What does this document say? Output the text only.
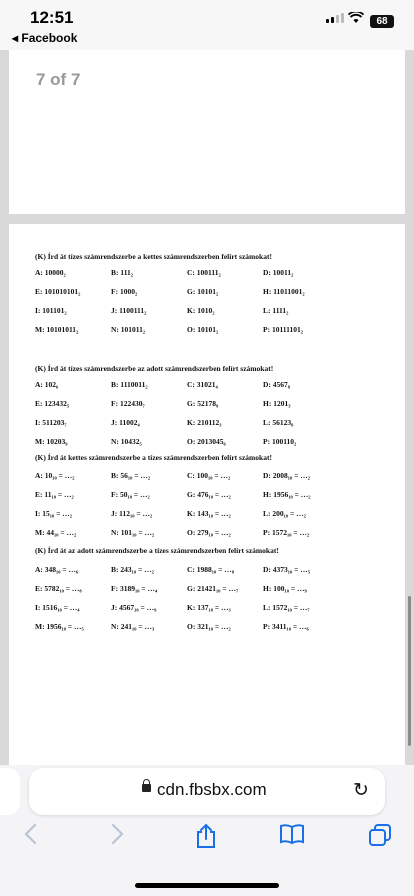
12:51
◂ Facebook
68
7 of 7
(K) Írd át tízes számrendszerbe a kettes számrendszerben felírt számokat!
A: 10000₂	B: 111₂	C: 100111₂	D: 10011₂
E: 101010101₂	F: 1000₂	G: 10101₂	H: 11011001₂
I: 101101₂	J: 1100111₂	K: 1010₂	L: 1111₂
M: 10101011₂	N: 101011₂	O: 10101₂	P: 10111101₂
(K) Írd át tízes számrendszerbe az adott számrendszerben felírt számokat!
A: 102₆	B: 1110011₂	C: 31021₄	D: 4567₈
E: 123432₅	F: 122430₇	G: 52178₉	H: 1201₃
I: 511203₇	J: 11002₄	K: 210112₃	L: 56123₈
M: 10203₉	N: 10432₅	O: 2013045₆	P: 100110₂
(K) Írd át kettes számrendszerbe a tízes számrendszerben felírt számokat!
A: 10₁₀ = …₂	B: 56₁₀ = …₂	C: 100₁₀ = …₂	D: 2008₁₀ = …₂
E: 11₁₀ = …₂	F: 50₁₀ = …₂	G: 476₁₀ = …₂	H: 1956₁₀ = …₂
I: 15₁₀ = …₂	J: 112₁₀ = …₂	K: 143₁₀ = …₂	L: 200₁₀ = …₂
M: 44₁₀ = …₂	N: 101₁₀ = …₂	O: 279₁₀ = …₂	P: 1572₁₀ = …₂
(K) Írd át az adott számrendszerbe a tízes számrendszerben felírt számokat!
A: 348₁₀ = …₆	B: 243₁₀ = …₂	C: 1988₁₀ = …₈	D: 4373₁₀ = …₅
E: 5782₁₀ = …₈	F: 3189₁₀ = …₄	G: 21421₁₀ = …₇	H: 100₁₀ = …₉
I: 1516₁₀ = …₄	J: 4567₁₀ = …₉	K: 137₁₀ = …₃	L: 1572₁₀ = …₇
M: 1956₁₀ = …₅	N: 241₁₀ = …₃	O: 321₁₀ = …₂	P: 3411₁₀ = …₆
cdn.fbsbx.com	↻
